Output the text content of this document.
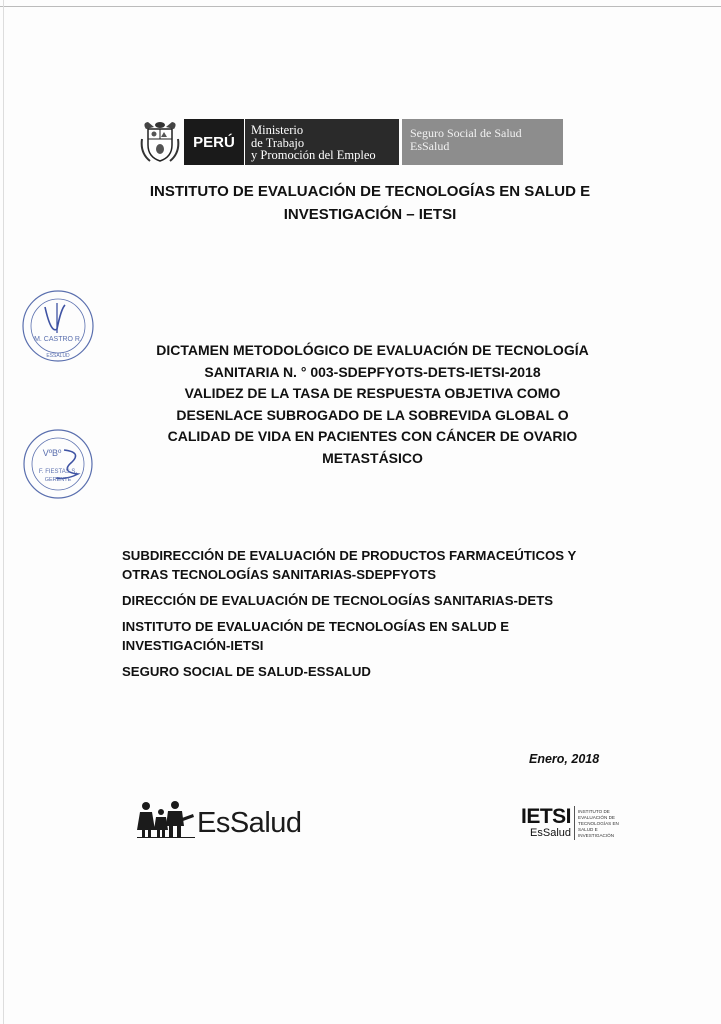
PERÚ
Ministerio
de Trabajo
y Promoción del Empleo
Seguro Social de Salud
EsSalud
INSTITUTO DE EVALUACIÓN DE TECNOLOGÍAS EN SALUD E
INVESTIGACIÓN – IETSI
M. CASTRO R.
ESSALUD
VºBº
F. FIESTAS S.
GERENTE
DICTAMEN METODOLÓGICO DE EVALUACIÓN DE TECNOLOGÍA
SANITARIA N. ° 003-SDEPFYOTS-DETS-IETSI-2018
VALIDEZ DE LA TASA DE RESPUESTA OBJETIVA COMO
DESENLACE SUBROGADO DE LA SOBREVIDA GLOBAL O
CALIDAD DE VIDA EN PACIENTES CON CÁNCER DE OVARIO
METASTÁSICO
SUBDIRECCIÓN DE EVALUACIÓN DE PRODUCTOS FARMACEÚTICOS Y
OTRAS TECNOLOGÍAS SANITARIAS-SDEPFYOTS
DIRECCIÓN DE EVALUACIÓN DE TECNOLOGÍAS SANITARIAS-DETS
INSTITUTO DE EVALUACIÓN DE TECNOLOGÍAS EN SALUD E
INVESTIGACIÓN-IETSI
SEGURO SOCIAL DE SALUD-ESSALUD
Enero, 2018
EsSalud	IETSI
EsSalud
INSTITUTO DE
EVALUACIÓN DE
TECNOLOGÍAS EN
SALUD E
INVESTIGACIÓN
